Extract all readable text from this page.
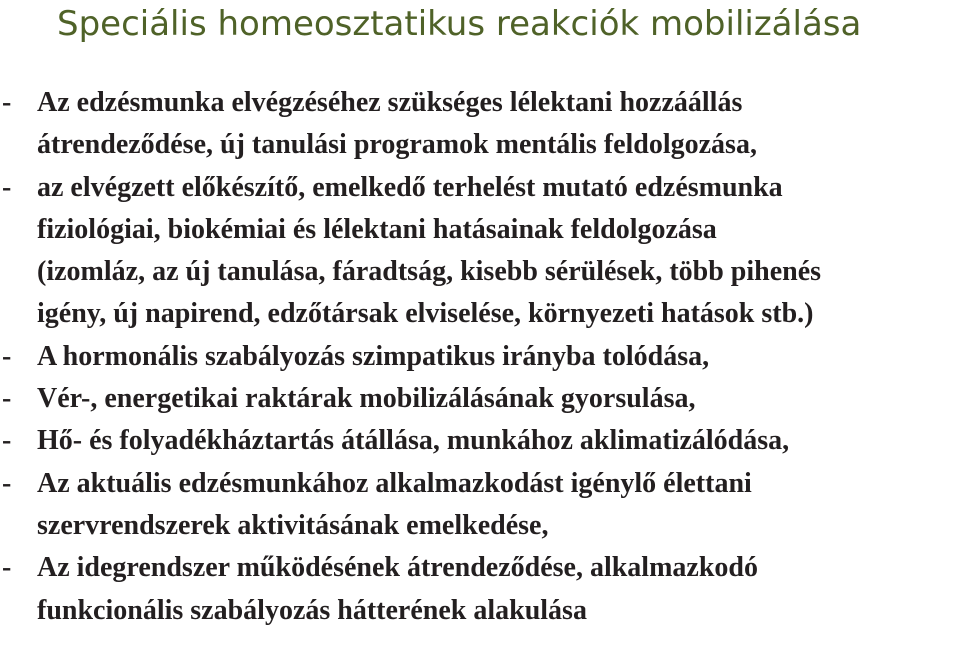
Speciális homeosztatikus reakciók mobilizálása
- Az edzésmunka elvégzéséhez szükséges lélektani hozzáállás
átrendeződése, új tanulási programok mentális feldolgozása,
- az elvégzett előkészítő, emelkedő terhelést mutató edzésmunka
fiziológiai, biokémiai és lélektani hatásainak feldolgozása
(izomláz, az új tanulása, fáradtság, kisebb sérülések, több pihenés
igény, új napirend, edzőtársak elviselése, környezeti hatások stb.)
- A hormonális szabályozás szimpatikus irányba tolódása,
- Vér-, energetikai raktárak mobilizálásának gyorsulása,
- Hő- és folyadékháztartás átállása, munkához aklimatizálódása,
- Az aktuális edzésmunkához alkalmazkodást igénylő élettani
szervrendszerek aktivitásának emelkedése,
- Az idegrendszer működésének átrendeződése, alkalmazkodó
funkcionális szabályozás hátterének alakulása
